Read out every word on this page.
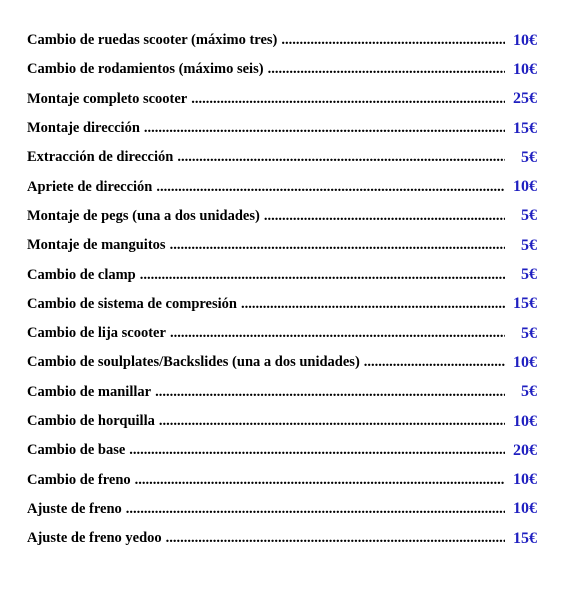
Cambio de ruedas scooter (máximo tres) .....	10€
Cambio de rodamientos (máximo seis) .....	10€
Montaje completo scooter .....	25€
Montaje dirección .....	15€
Extracción de dirección .....	5€
Apriete de dirección .....	10€
Montaje de pegs (una a dos unidades) .....	5€
Montaje de manguitos .....	5€
Cambio de clamp .....	5€
Cambio de sistema de compresión .....	15€
Cambio de lija scooter .....	5€
Cambio de soulplates/Backslides (una a dos unidades) .....	10€
Cambio de manillar .....	5€
Cambio de horquilla .....	10€
Cambio de base .....	20€
Cambio de freno .....	10€
Ajuste de freno .....	10€
Ajuste de freno yedoo .....	15€
